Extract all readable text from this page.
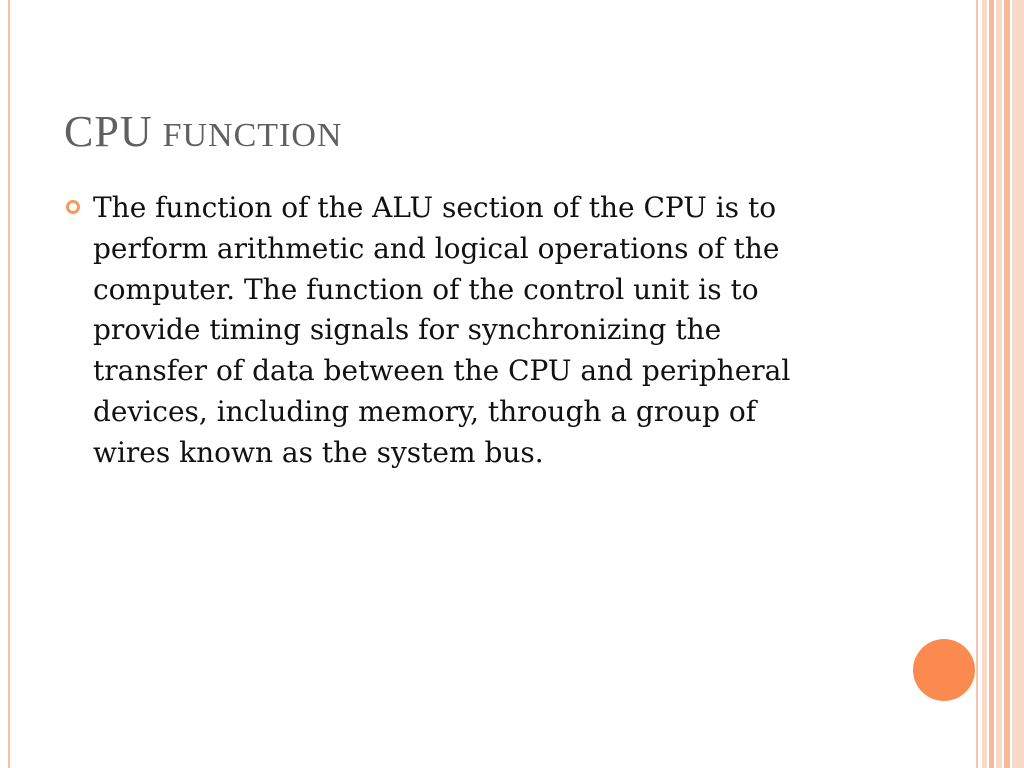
CPU FUNCTION

The function of the ALU section of the CPU is to
perform arithmetic and logical operations of the
computer. The function of the control unit is to
provide timing signals for synchronizing the
transfer of data between the CPU and peripheral
devices, including memory, through a group of
wires known as the system bus.
